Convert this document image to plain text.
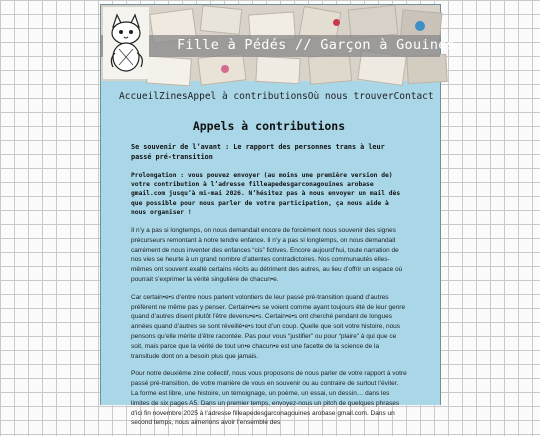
Fille à Pédés // Garçon à Gouines
Accueil Zines Appel à contributions Où nous trouver Contact
Appels à contributions

Se souvenir de l’avant : Le rapport des personnes trans à leur passé pré-transition

Prolongation : vous pouvez envoyer (au moins une première version de) votre contribution à l’adresse filleapedesgarconagouines arobase gmail.com jusqu’à mi-mai 2026. N’hésitez pas à nous envoyer un mail dès que possible pour nous parler de votre participation, ça nous aide à nous organiser !

Il n’y a pas si longtemps, on nous demandait encore de forcément nous souvenir des signes précurseurs remontant à notre tendre enfance. Il n’y a pas si longtemps, on nous demandait carrément de nous inventer des enfances “cis” fictives. Encore aujourd’hui, toute narration de nos vies se heurte à un grand nombre d’attentes contradictoires. Nos communautés elles-mêmes ont souvent exalté certains récits au détriment des autres, au lieu d’offrir un espace où pourrait s’exprimer la vérité singulière de chacun•e.

Car certain•e•s d’entre nous parlent volontiers de leur passé pré-transition quand d’autres préfèrent ne même pas y penser. Certain•e•s se voient comme ayant toujours été de leur genre quand d’autres disent plutôt l’être devenu•e•s. Certain•e•s ont cherché pendant de longues années quand d’autres se sont réveillé•e•s tout d’un coup. Quelle que soit votre histoire, nous pensons qu’elle mérite d’être racontée. Pas pour vous “justifier” ou pour “plaire” à qui que ce soit, mais parce que la vérité de tout un•e chacun•e est une facette de la science de la transitude dont on a besoin plus que jamais.

Pour notre deuxième zine collectif, nous vous proposons de nous parler de votre rapport à votre passé pré-transition, de votre manière de vous en souvenir ou au contraire de surtout l’éviter. La forme est libre, une histoire, un témoignage, un poème, un essai, un dessin… dans les limites de six pages A5. Dans un premier temps, envoyez-nous un pitch de quelques phrases d’ici fin novembre 2025 à l’adresse filleapedesgarconagouines arobase gmail.com. Dans un second temps, nous aimerions avoir l’ensemble des
